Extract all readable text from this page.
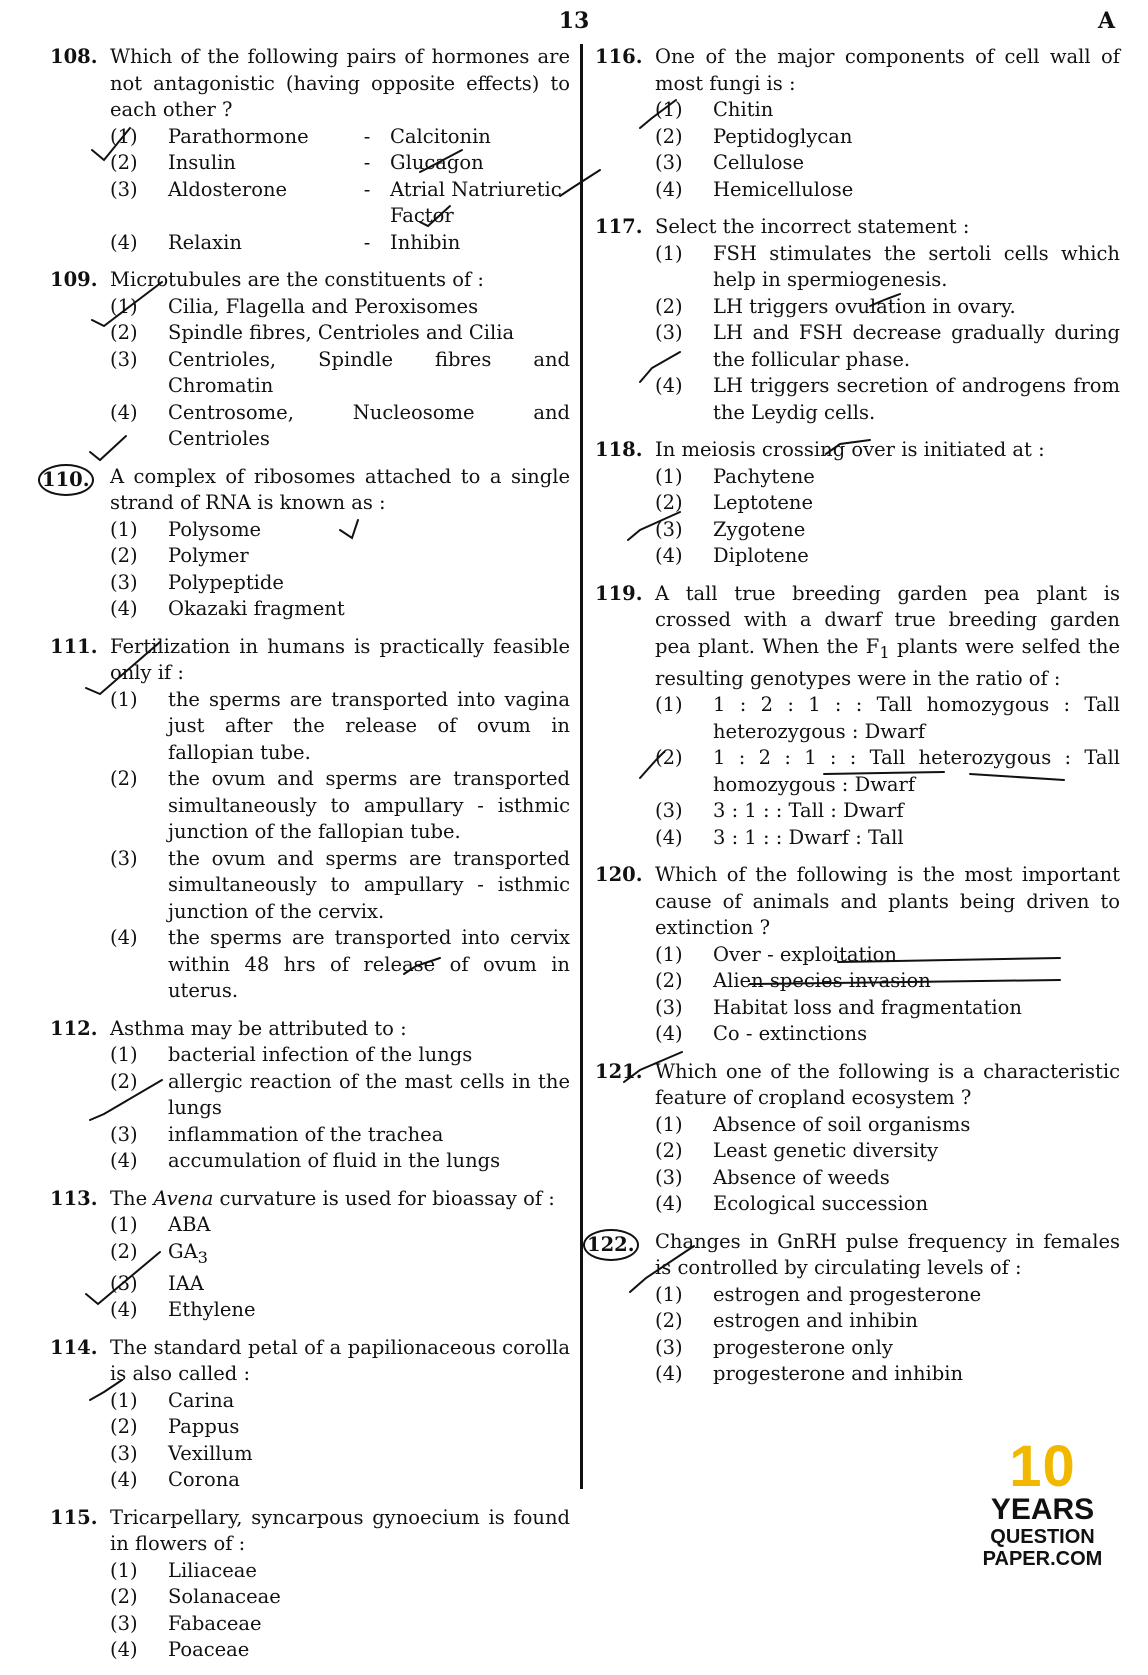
13	A
108. Which of the following pairs of hormones are not antagonistic (having opposite effects) to each other ?
(1)	Parathormone	-	Calcitonin
(2)	Insulin	-	Glucagon
(3)	Aldosterone	-	Atrial Natriuretic Factor
(4)	Relaxin	-	Inhibin
109. Microtubules are the constituents of :
(1)	Cilia, Flagella and Peroxisomes
(2)	Spindle fibres, Centrioles and Cilia
(3)	Centrioles, Spindle fibres and Chromatin
(4)	Centrosome, Nucleosome and Centrioles
110.	A complex of ribosomes attached to a single strand of RNA is known as :
(1)	Polysome
(2)	Polymer
(3)	Polypeptide
(4)	Okazaki fragment
111. Fertilization in humans is practically feasible only if :
(1)	the sperms are transported into vagina just after the release of ovum in fallopian tube.
(2)	the ovum and sperms are transported simultaneously to ampullary - isthmic junction of the fallopian tube.
(3)	the ovum and sperms are transported simultaneously to ampullary - isthmic junction of the cervix.
(4)	the sperms are transported into cervix within 48 hrs of release of ovum in uterus.
112. Asthma may be attributed to :
(1)	bacterial infection of the lungs
(2)	allergic reaction of the mast cells in the lungs
(3)	inflammation of the trachea
(4)	accumulation of fluid in the lungs
113. The Avena curvature is used for bioassay of :
(1)	ABA
(2)	$GA_3$
(3)	IAA
(4)	Ethylene
114. The standard petal of a papilionaceous corolla is also called :
(1)	Carina
(2)	Pappus
(3)	Vexillum
(4)	Corona
115. Tricarpellary, syncarpous gynoecium is found in flowers of :
(1)	Liliaceae
(2)	Solanaceae
(3)	Fabaceae
(4)	Poaceae
116. One of the major components of cell wall of most fungi is :
(1)	Chitin
(2)	Peptidoglycan
(3)	Cellulose
(4)	Hemicellulose
117. Select the incorrect statement :
(1)	FSH stimulates the sertoli cells which help in spermiogenesis.
(2)	LH triggers ovulation in ovary.
(3)	LH and FSH decrease gradually during the follicular phase.
(4)	LH triggers secretion of androgens from the Leydig cells.
118. In meiosis crossing over is initiated at :
(1)	Pachytene
(2)	Leptotene
(3)	Zygotene
(4)	Diplotene
119. A tall true breeding garden pea plant is crossed with a dwarf true breeding garden pea plant. When the $F_1$ plants were selfed the resulting genotypes were in the ratio of :
(1)	1 : 2 : 1 : : Tall homozygous : Tall heterozygous : Dwarf
(2)	1 : 2 : 1 : : Tall heterozygous : Tall homozygous : Dwarf
(3)	3 : 1 : : Tall : Dwarf
(4)	3 : 1 : : Dwarf : Tall
120. Which of the following is the most important cause of animals and plants being driven to extinction ?
(1)	Over - exploitation
(2)	Alien species invasion
(3)	Habitat loss and fragmentation
(4)	Co - extinctions
121. Which one of the following is a characteristic feature of cropland ecosystem ?
(1)	Absence of soil organisms
(2)	Least genetic diversity
(3)	Absence of weeds
(4)	Ecological succession
122.	Changes in GnRH pulse frequency in females is controlled by circulating levels of :
(1)	estrogen and progesterone
(2)	estrogen and inhibin
(3)	progesterone only
(4)	progesterone and inhibin
10
YEARS
QUESTION PAPER.COM
